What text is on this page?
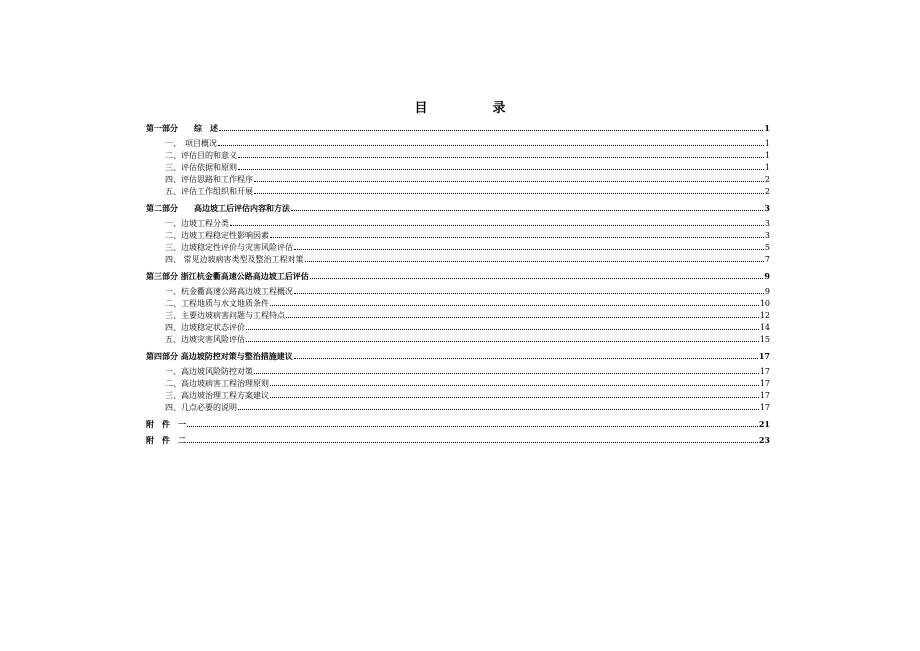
目　录
第一部分　　综　述	1
一、　项目概况	1
二、评估目的和意义	1
三、评估依据和原则	1
四、评估思路和工作程序	2
五、评估工作组织和开展	2
第二部分　　高边坡工后评估内容和方法	3
一、边坡工程分类	3
二、边坡工程稳定性影响因素	3
三、边坡稳定性评价与灾害风险评估	5
四、 常见边坡病害类型及整治工程对策	7
第三部分 浙江杭金衢高速公路高边坡工后评估	9
一、杭金衢高速公路高边坡工程概况	9
二、工程地质与水文地质条件	10
三、主要边坡病害问题与工程特点	12
四、边坡稳定状态评价	14
五、边坡灾害风险评估	15
第四部分 高边坡防控对策与整治措施建议	17
一、高边坡风险防控对策	17
二、高边坡病害工程治理原则	17
三、高边坡治理工程方案建议	17
四、几点必要的说明	17
附　件　一	21
附　件　二	23
